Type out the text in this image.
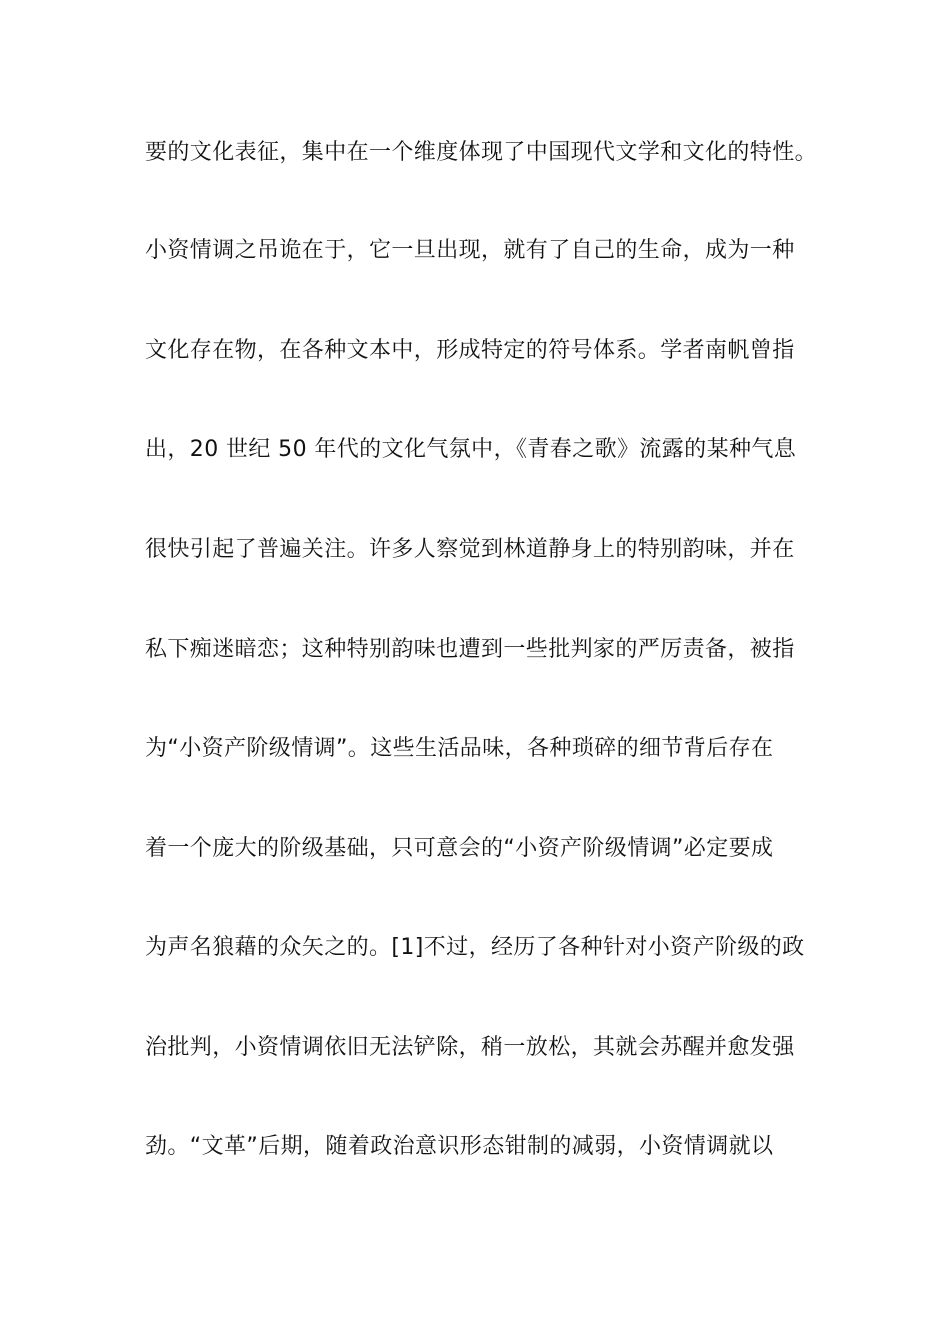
要的文化表征，集中在一个维度体现了中国现代文学和文化的特性。
小资情调之吊诡在于，它一旦出现，就有了自己的生命，成为一种
文化存在物，在各种文本中，形成特定的符号体系。学者南帆曾指
出，20 世纪 50 年代的文化气氛中，《青春之歌》流露的某种气息
很快引起了普遍关注。许多人察觉到林道静身上的特别韵味，并在
私下痴迷暗恋；这种特别韵味也遭到一些批判家的严厉责备，被指
为“小资产阶级情调”。这些生活品味，各种琐碎的细节背后存在
着一个庞大的阶级基础，只可意会的“小资产阶级情调”必定要成
为声名狼藉的众矢之的。[1]不过，经历了各种针对小资产阶级的政
治批判，小资情调依旧无法铲除，稍一放松，其就会苏醒并愈发强
劲。“文革”后期，随着政治意识形态钳制的减弱，小资情调就以
